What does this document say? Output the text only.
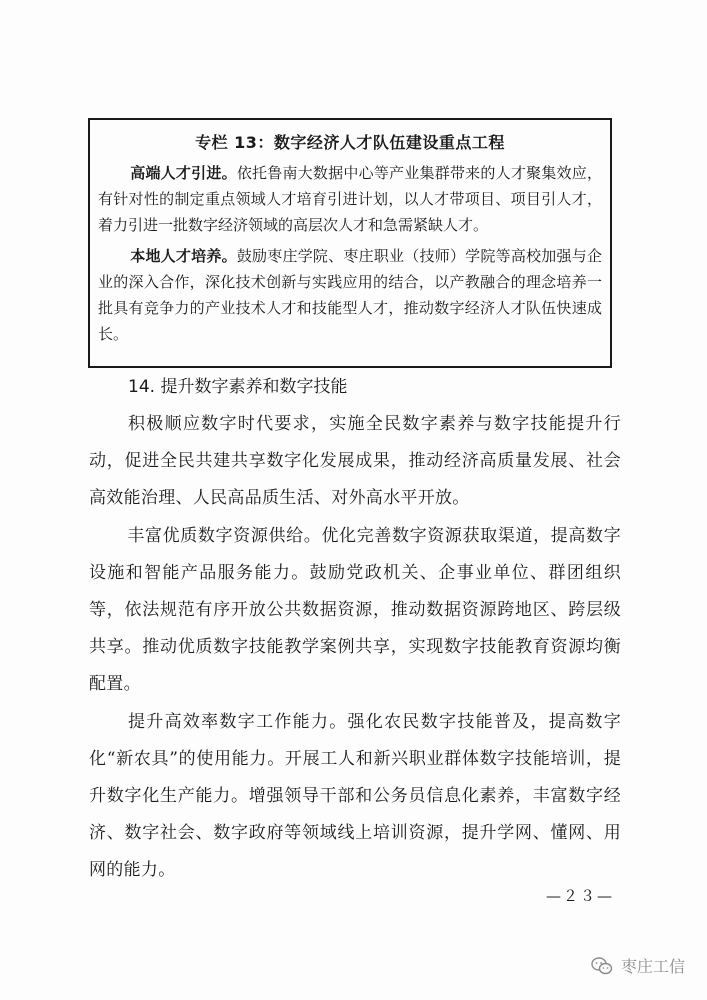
专栏 13：数字经济人才队伍建设重点工程
高端人才引进。依托鲁南大数据中心等产业集群带来的人才聚集效应，有针对性的制定重点领域人才培育引进计划，以人才带项目、项目引人才，着力引进一批数字经济领域的高层次人才和急需紧缺人才。
本地人才培养。鼓励枣庄学院、枣庄职业（技师）学院等高校加强与企业的深入合作，深化技术创新与实践应用的结合，以产教融合的理念培养一批具有竞争力的产业技术人才和技能型人才，推动数字经济人才队伍快速成长。
14. 提升数字素养和数字技能
积极顺应数字时代要求，实施全民数字素养与数字技能提升行动，促进全民共建共享数字化发展成果，推动经济高质量发展、社会高效能治理、人民高品质生活、对外高水平开放。
丰富优质数字资源供给。优化完善数字资源获取渠道，提高数字设施和智能产品服务能力。鼓励党政机关、企事业单位、群团组织等，依法规范有序开放公共数据资源，推动数据资源跨地区、跨层级共享。推动优质数字技能教学案例共享，实现数字技能教育资源均衡配置。
提升高效率数字工作能力。强化农民数字技能普及，提高数字化“新农具”的使用能力。开展工人和新兴职业群体数字技能培训，提升数字化生产能力。增强领导干部和公务员信息化素养，丰富数字经济、数字社会、数字政府等领域线上培训资源，提升学网、懂网、用网的能力。
—２３—
枣庄工信
